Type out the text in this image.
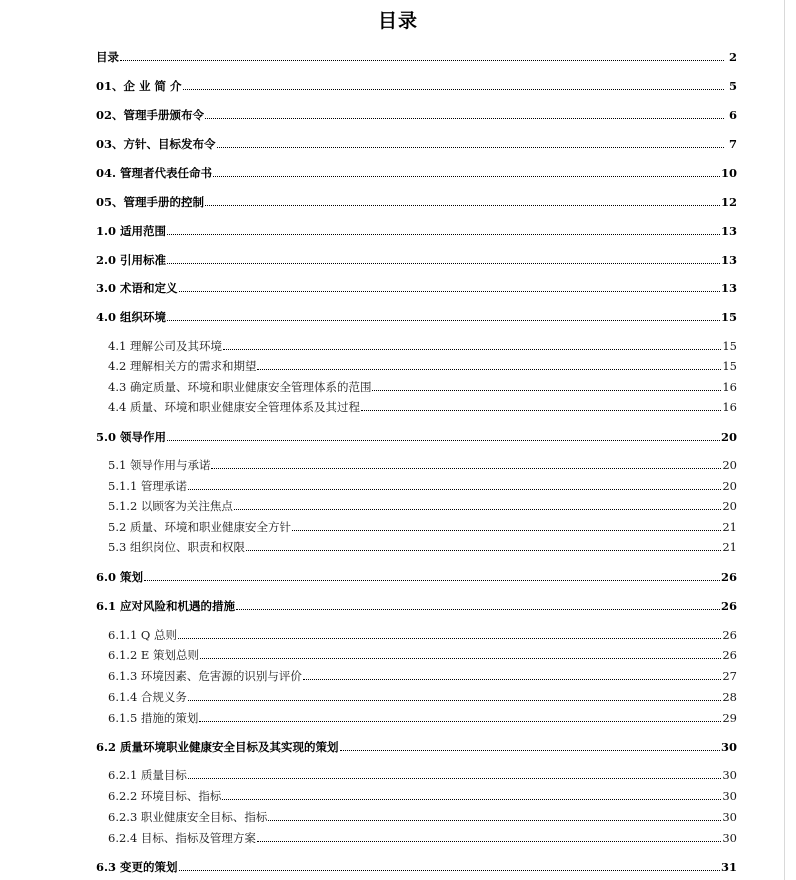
目录
目录	2
01、企 业 简 介	5
02、管理手册颁布令	6
03、方针、目标发布令	7
04. 管理者代表任命书	10
05、管理手册的控制	12
1.0 适用范围	13
2.0 引用标准	13
3.0 术语和定义	13
4.0 组织环境	15
4.1 理解公司及其环境	15
4.2 理解相关方的需求和期望	15
4.3 确定质量、环境和职业健康安全管理体系的范围	16
4.4 质量、环境和职业健康安全管理体系及其过程	16
5.0 领导作用	20
5.1 领导作用与承诺	20
5.1.1 管理承诺	20
5.1.2 以顾客为关注焦点	20
5.2 质量、环境和职业健康安全方针	21
5.3 组织岗位、职责和权限	21
6.0 策划	26
6.1 应对风险和机遇的措施	26
6.1.1 Q 总则	26
6.1.2 E 策划总则	26
6.1.3 环境因素、危害源的识别与评价	27
6.1.4 合规义务	28
6.1.5 措施的策划	29
6.2 质量环境职业健康安全目标及其实现的策划	30
6.2.1 质量目标	30
6.2.2 环境目标、指标	30
6.2.3 职业健康安全目标、指标	30
6.2.4 目标、指标及管理方案	30
6.3 变更的策划	31
